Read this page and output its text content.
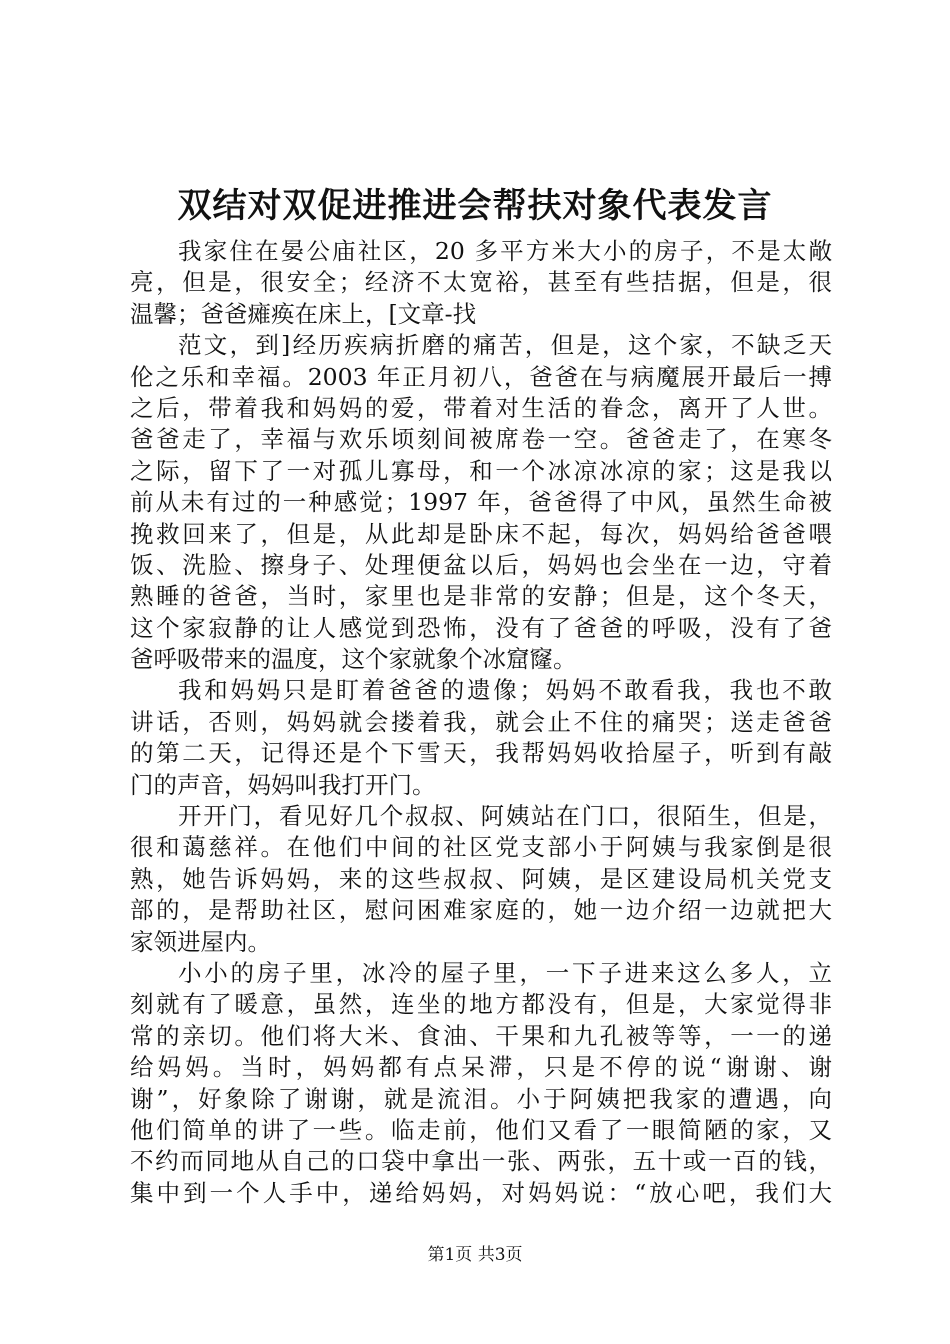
双结对双促进推进会帮扶对象代表发言

我家住在晏公庙社区，20 多平方米大小的房子，不是太敞
亮，但是，很安全；经济不太宽裕，甚至有些拮据，但是，很
温馨；爸爸瘫痪在床上，[文章-找

范文，到]经历疾病折磨的痛苦，但是，这个家，不缺乏天
伦之乐和幸福。2003 年正月初八，爸爸在与病魔展开最后一搏
之后，带着我和妈妈的爱，带着对生活的眷念，离开了人世。
爸爸走了，幸福与欢乐顷刻间被席卷一空。爸爸走了，在寒冬
之际，留下了一对孤儿寡母，和一个冰凉冰凉的家；这是我以
前从未有过的一种感觉；1997 年，爸爸得了中风，虽然生命被
挽救回来了，但是，从此却是卧床不起，每次，妈妈给爸爸喂
饭、洗脸、擦身子、处理便盆以后，妈妈也会坐在一边，守着
熟睡的爸爸，当时，家里也是非常的安静；但是，这个冬天，
这个家寂静的让人感觉到恐怖，没有了爸爸的呼吸，没有了爸
爸呼吸带来的温度，这个家就象个冰窟窿。

我和妈妈只是盯着爸爸的遗像；妈妈不敢看我，我也不敢
讲话，否则，妈妈就会搂着我，就会止不住的痛哭；送走爸爸
的第二天，记得还是个下雪天，我帮妈妈收拾屋子，听到有敲
门的声音，妈妈叫我打开门。

开开门，看见好几个叔叔、阿姨站在门口，很陌生，但是，
很和蔼慈祥。在他们中间的社区党支部小于阿姨与我家倒是很
熟，她告诉妈妈，来的这些叔叔、阿姨，是区建设局机关党支
部的，是帮助社区，慰问困难家庭的，她一边介绍一边就把大
家领进屋内。

小小的房子里，冰冷的屋子里，一下子进来这么多人，立
刻就有了暖意，虽然，连坐的地方都没有，但是，大家觉得非
常的亲切。他们将大米、食油、干果和九孔被等等，一一的递
给妈妈。当时，妈妈都有点呆滞，只是不停的说“谢谢、谢
谢”，好象除了谢谢，就是流泪。小于阿姨把我家的遭遇，向
他们简单的讲了一些。临走前，他们又看了一眼简陋的家，又
不约而同地从自己的口袋中拿出一张、两张，五十或一百的钱，
集中到一个人手中，递给妈妈，对妈妈说：“放心吧，我们大

第1页 共3页
